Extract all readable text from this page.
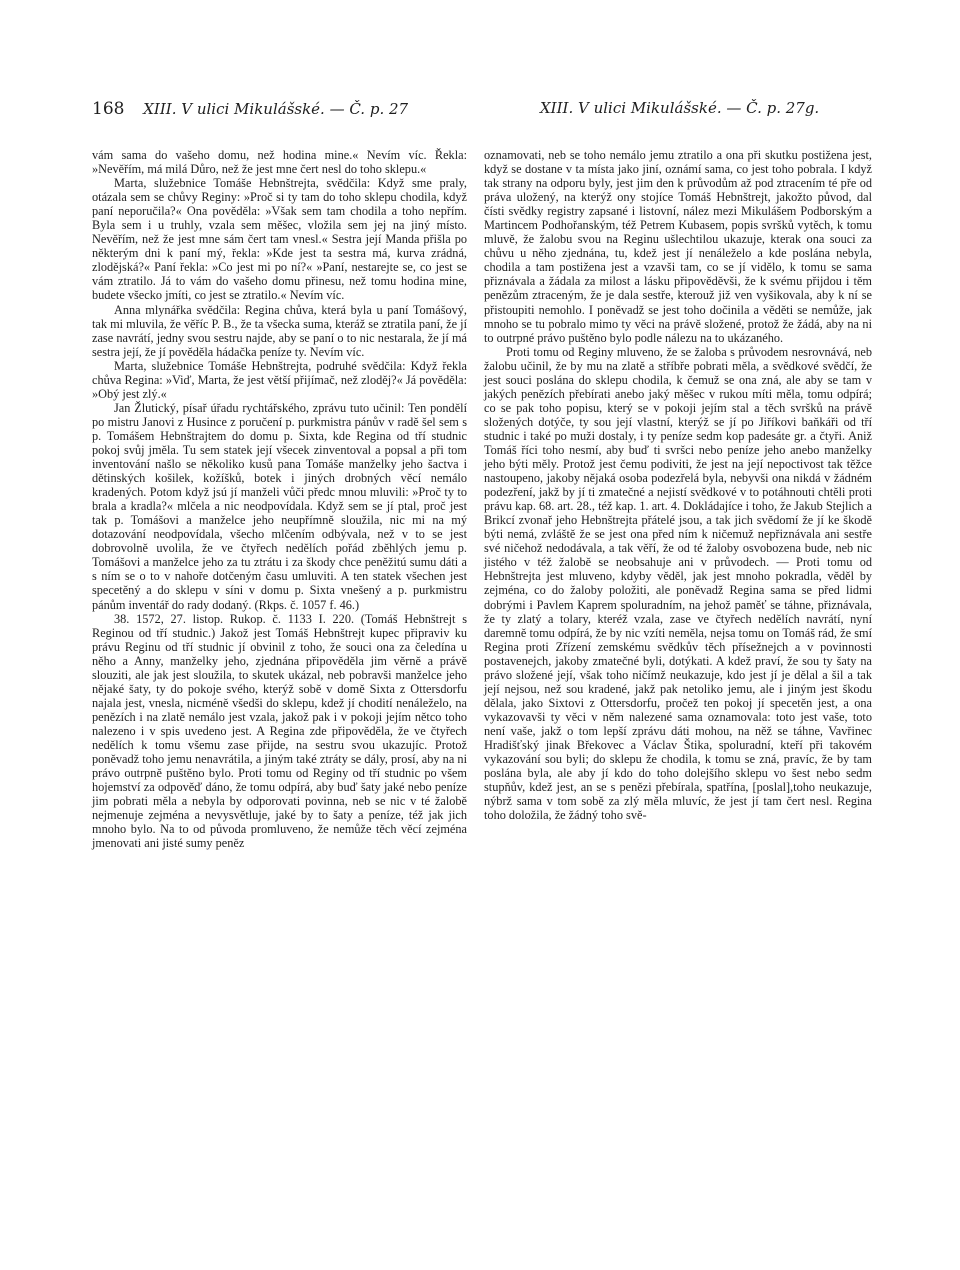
168 XIII. V ulici Mikulášské. — Č. p. 27	XIII. V ulici Mikulášské. — Č. p. 27g.

vám sama do vašeho domu, než hodina mine.« Nevím víc. Řekla: »Nevěřím, má milá Důro, než že jest mne čert nesl do toho sklepu.«

Marta, služebnice Tomáše Hebnštrejta, svědčila: Když sme praly, otázala sem se chůvy Reginy: »Proč si ty tam do toho sklepu chodila, když paní neporučila?« Ona pověděla: »Však sem tam chodila a toho nepřím. Byla sem i u truhly, vzala sem měšec, vložila sem jej na jiný místo. Nevěřím, než že jest mne sám čert tam vnesl.« Sestra její Manda přišla po některým dni k paní mý, řekla: »Kde jest ta sestra má, kurva zrádná, zlodějská?« Paní řekla: »Co jest mi po ní?« »Paní, nestarejte se, co jest se vám ztratilo. Já to vám do vašeho domu přinesu, než tomu hodina mine, budete všecko jmíti, co jest se ztratilo.« Nevím víc.

Anna mlynářka svědčila: Regina chůva, která byla u paní Tomášový, tak mi mluvila, že věříc P. B., že ta všecka suma, kteráž se ztratila paní, že jí zase navrátí, jedny svou sestru najde, aby se paní o to nic nestarala, že jí má sestra její, že jí pověděla hádačka peníze ty. Nevím víc.

Marta, služebnice Tomáše Hebnštrejta, podruhé svědčila: Když řekla chůva Regina: »Viď, Marta, že jest větší přijímač, než zloděj?« Já pověděla: »Obý jest zlý.«

Jan Žlutický, písař úřadu rychtářského, zprávu tuto učinil: Ten pondělí po mistru Janovi z Husince z poručení p. purkmistra pánův v radě šel sem s p. Tomášem Hebnštrajtem do domu p. Sixta, kde Regina od tří studnic pokoj svůj jměla. Tu sem statek její všecek zinventoval a popsal a při tom inventování našlo se několiko kusů pana Tomáše manželky jeho šactva i dětinských košilek, kožíšků, botek i jiných drobných věcí nemálo kradených. Potom když jsú jí manželi vůči předc mnou mluvili: »Proč ty to brala a kradla?« mlčela a nic neodpovídala. Když sem se jí ptal, proč jest tak p. Tomášovi a manželce jeho neupřímně sloužila, nic mi na mý dotazování neodpovídala, všecho mlčením odbývala, než v to se jest dobrovolně uvolila, že ve čtyřech nedělích pořád zběhlých jemu p. Tomášovi a manželce jeho za tu ztrátu i za škody chce peněžitú sumu dáti a s ním se o to v nahoře dotčeným času umluviti. A ten statek všechen jest specetěný a do sklepu v síni v domu p. Sixta vnešený a p. purkmistru pánům inventář do rady dodaný. (Rkps. č. 1057 f. 46.)

38. 1572, 27. listop. Rukop. č. 1133 I. 220. (Tomáš Hebnštrejt s Reginou od tří studnic.) Jakož jest Tomáš Hebnštrejt kupec připraviv ku právu Reginu od tří studnic jí obvinil z toho, že souci ona za čeledína u něho a Anny, manželky jeho, zjednána připověděla jim věrně a právě slouziti, ale jak jest sloužila, to skutek ukázal, neb pobravši manželce jeho nějaké šaty, ty do pokoje svého, kterýž sobě v domě Sixta z Ottersdorfu najala jest, vnesla, nicméně všedši do sklepu, kdež jí chodití nenáleželo, na penězích i na zlatě nemálo jest vzala, jakož pak i v pokoji jejím nětco toho nalezeno i v spis uvedeno jest. A Regina zde připověděla, že ve čtyřech nedělích k tomu všemu zase přijde, na sestru svou ukazujíc. Protož poněvadž toho jemu nenavrátila, a jiným také ztráty se dály, prosí, aby na ni právo outrpně puštěno bylo. Proti tomu od Reginy od tří studnic po všem hojemství za odpověď dáno, že tomu odpírá, aby buď šaty jaké nebo peníze jim pobrati měla a nebyla by odporovati povinna, neb se nic v té žalobě nejmenuje zejména a nevysvětluje, jaké by to šaty a peníze, též jak jich mnoho bylo. Na to od původa promluveno, že nemůže těch věcí zejména jmenovati ani jisté sumy peněz

oznamovati, neb se toho nemálo jemu ztratilo a ona při skutku postižena jest, když se dostane v ta místa jako jiní, oznámí sama, co jest toho pobrala. I když tak strany na odporu byly, jest jim den k průvodům až pod ztracením té pře od práva uložený, na kterýž ony stojíce Tomáš Hebnštrejt, jakožto původ, dal čísti svědky registry zapsané i listovní, nález mezi Mikulášem Podborským a Martincem Podhořanským, též Petrem Kubasem, popis svršků vytěch, k tomu mluvě, že žalobu svou na Reginu ušlechtilou ukazuje, kterak ona souci za chůvu u něho zjednána, tu, kdež jest jí nenáleželo a kde poslána nebyla, chodila a tam postižena jest a vzavši tam, co se jí vidělo, k tomu se sama přiznávala a žádala za milost a lásku připověděvši, že k svému přijdou i těm penězům ztraceným, že je dala sestře, kterouž již ven vyšikovala, aby k ní se přistoupiti nemohlo. I poněvadž se jest toho dočinila a věděti se nemůže, jak mnoho se tu pobralo mimo ty věci na právě složené, protož že žádá, aby na ni to outrpné právo puštěno bylo podle nálezu na to ukázaného.

Proti tomu od Reginy mluveno, že se žaloba s průvodem nesrovnává, neb žalobu učinil, že by mu na zlatě a stříbře pobrati měla, a svědkové svědčí, že jest souci poslána do sklepu chodila, k čemuž se ona zná, ale aby se tam v jakých penězích přebírati anebo jaký měšec v rukou míti měla, tomu odpírá; co se pak toho popisu, který se v pokoji jejím stal a těch svršků na právě složených dotýče, ty sou její vlastní, kterýž se jí po Jiříkovi baňkáři od tří studnic i také po muži dostaly, i ty peníze sedm kop padesáte gr. a čtyři. Aniž Tomáš říci toho nesmí, aby buď ti svršci nebo peníze jeho anebo manželky jeho býti měly. Protož jest čemu podiviti, že jest na její nepoctivost tak těžce nastoupeno, jakoby nějaká osoba podezřelá byla, nebyvši ona nikdá v žádném podezření, jakž by jí ti zmatečné a nejistí svědkové v to potáhnouti chtěli proti právu kap. 68. art. 28., též kap. 1. art. 4. Dokládajíce i toho, že Jakub Stejlich a Brikcí zvonař jeho Hebnštrejta přátelé jsou, a tak jich svědomí že jí ke škodě býti nemá, zvláště že se jest ona před ním k ničemuž nepřiznávala ani sestře své ničehož nedodávala, a tak věří, že od té žaloby osvobozena bude, neb nic jistého v též žalobě se neobsahuje ani v průvodech. — Proti tomu od Hebnštrejta jest mluveno, kdyby věděl, jak jest mnoho pokradla, věděl by zejména, co do žaloby položiti, ale poněvadž Regina sama se před lidmi dobrými i Pavlem Kaprem spoluradním, na jehož paměť se táhne, přiznávala, že ty zlatý a tolary, kteréž vzala, zase ve čtyřech nedělích navrátí, nyní daremně tomu odpírá, že by nic vzíti neměla, nejsa tomu on Tomáš rád, že smí Regina proti Zřízení zemskému svědkův těch přísežnejch a v povinnosti postavenejch, jakoby zmatečné byli, dotýkati. A kdež praví, že sou ty šaty na právo složené její, však toho ničímž neukazuje, kdo jest jí je dělal a šil a tak její nejsou, než sou kradené, jakž pak netoliko jemu, ale i jiným jest škodu dělala, jako Sixtovi z Ottersdorfu, pročež ten pokoj jí specetěn jest, a ona vykazovavši ty věci v něm nalezené sama oznamovala: toto jest vaše, toto není vaše, jakž o tom lepší zprávu dáti mohou, na něž se táhne, Vavřinec Hradišťský jinak Břekovec a Václav Štika, spoluradní, kteří při takovém vykazování sou byli; do sklepu že chodila, k tomu se zná, pravíc, že by tam poslána byla, ale aby jí kdo do toho dolejšího sklepu vo šest nebo sedm stupňův, kdež jest, an se s penězi přebírala, spatřína, [poslal],toho neukazuje, nýbrž sama v tom sobě za zlý měla mluvíc, že jest jí tam čert nesl. Regina toho doložila, že žádný toho svě-
